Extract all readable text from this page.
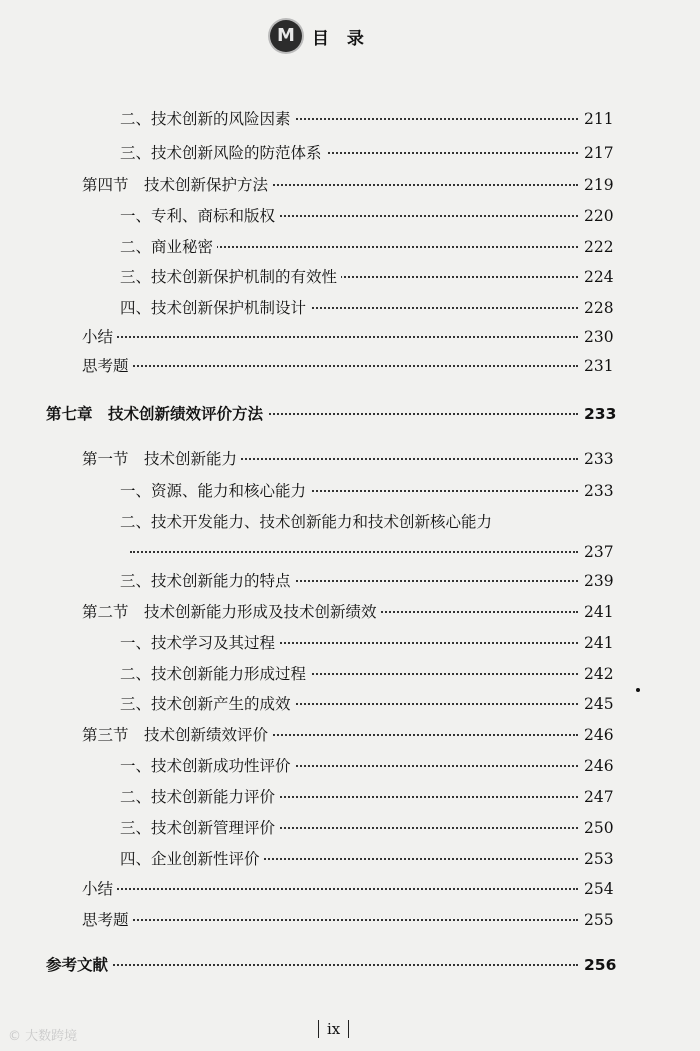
M 目 录
二、技术创新的风险因素	211
三、技术创新风险的防范体系	217
第四节　技术创新保护方法	219
一、专利、商标和版权	220
二、商业秘密	222
三、技术创新保护机制的有效性	224
四、技术创新保护机制设计	228
小结	230
思考题	231
第七章　技术创新绩效评价方法	233
第一节　技术创新能力	233
一、资源、能力和核心能力	233
二、技术开发能力、技术创新能力和技术创新核心能力
237
三、技术创新能力的特点	239
第二节　技术创新能力形成及技术创新绩效	241
一、技术学习及其过程	241
二、技术创新能力形成过程	242
三、技术创新产生的成效	245
第三节　技术创新绩效评价	246
一、技术创新成功性评价	246
二、技术创新能力评价	247
三、技术创新管理评价	250
四、企业创新性评价	253
小结	254
思考题	255
参考文献	256
ix
© 大数跨境
